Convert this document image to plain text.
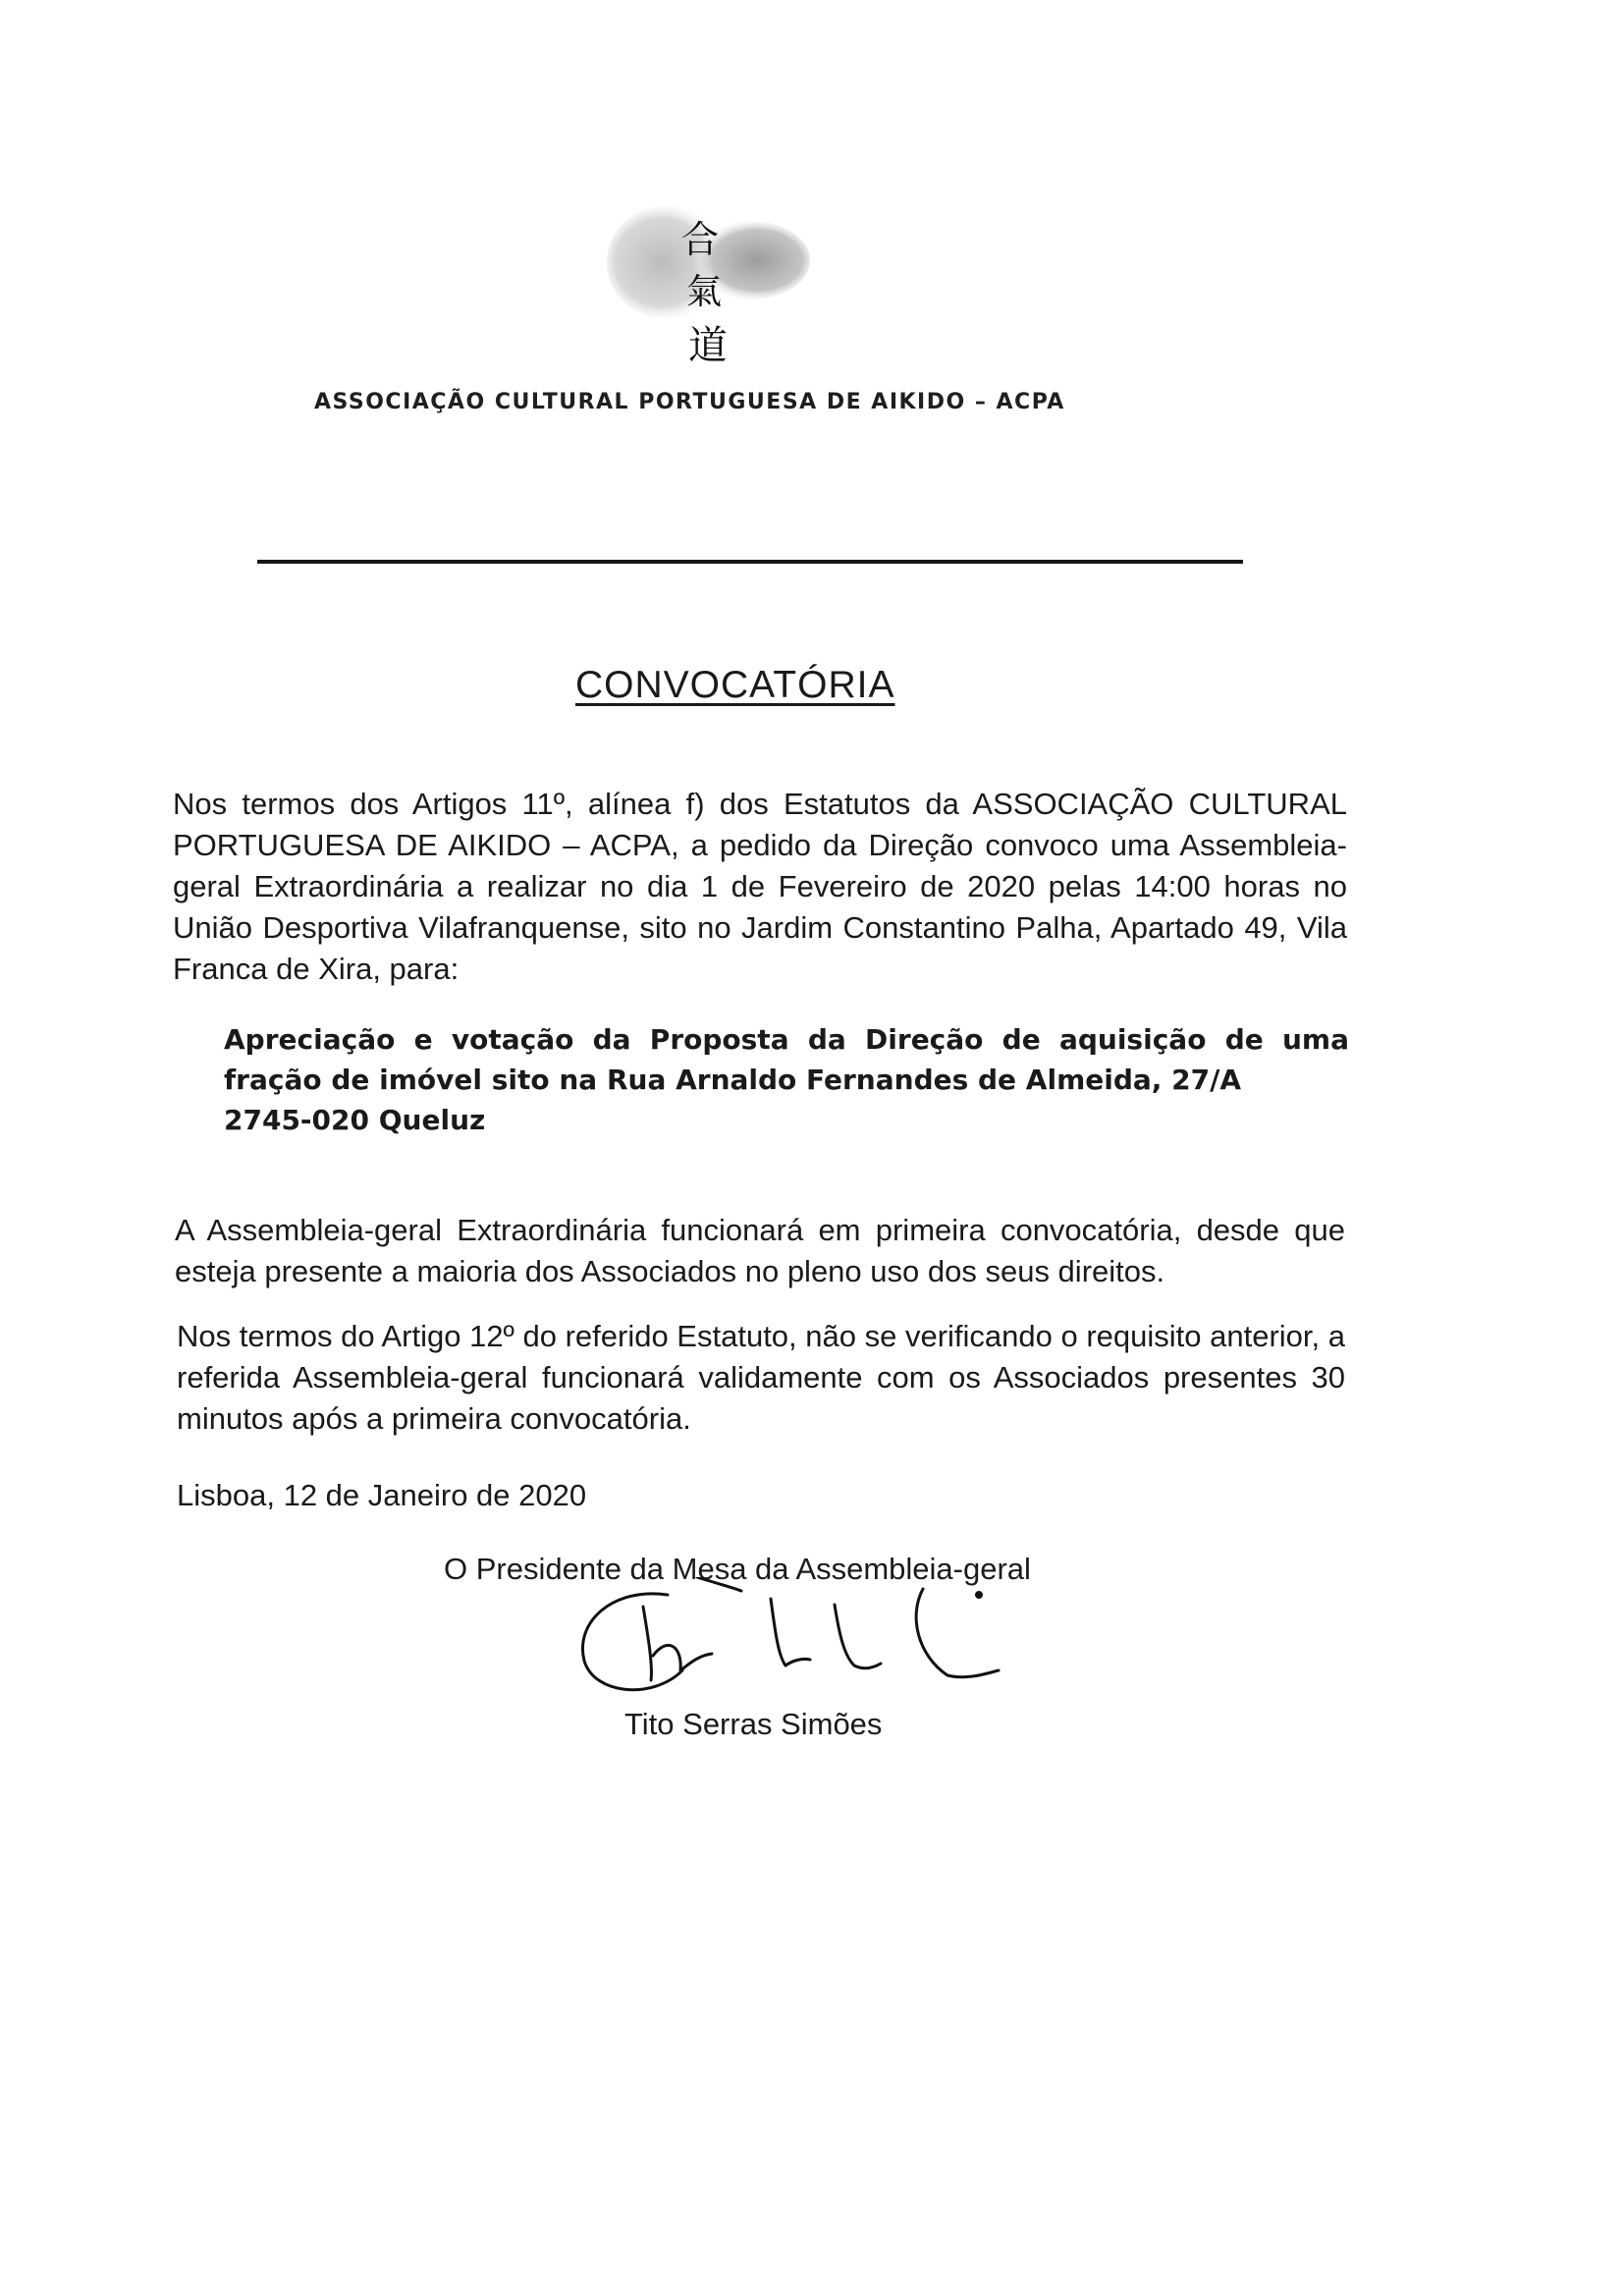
合
氣
道
ASSOCIAÇÃO CULTURAL PORTUGUESA DE AIKIDO – ACPA
CONVOCATÓRIA
Nos termos dos Artigos 11º, alínea f) dos Estatutos da ASSOCIAÇÃO CULTURAL PORTUGUESA DE AIKIDO – ACPA, a pedido da Direção convoco uma Assembleia-geral Extraordinária a realizar no dia 1 de Fevereiro de 2020 pelas 14:00 horas no União Desportiva Vilafranquense, sito no Jardim Constantino Palha, Apartado 49, Vila Franca de Xira, para:
Apreciação e votação da Proposta da Direção de aquisição de uma fração de imóvel sito na Rua Arnaldo Fernandes de Almeida, 27/A
2745-020 Queluz
A Assembleia-geral Extraordinária funcionará em primeira convocatória, desde que esteja presente a maioria dos Associados no pleno uso dos seus direitos.
Nos termos do Artigo 12º do referido Estatuto, não se verificando o requisito anterior, a referida Assembleia-geral funcionará validamente com os Associados presentes 30 minutos após a primeira convocatória.
Lisboa, 12 de Janeiro de 2020
O Presidente da Mesa da Assembleia-geral
Tito Serras Simões
